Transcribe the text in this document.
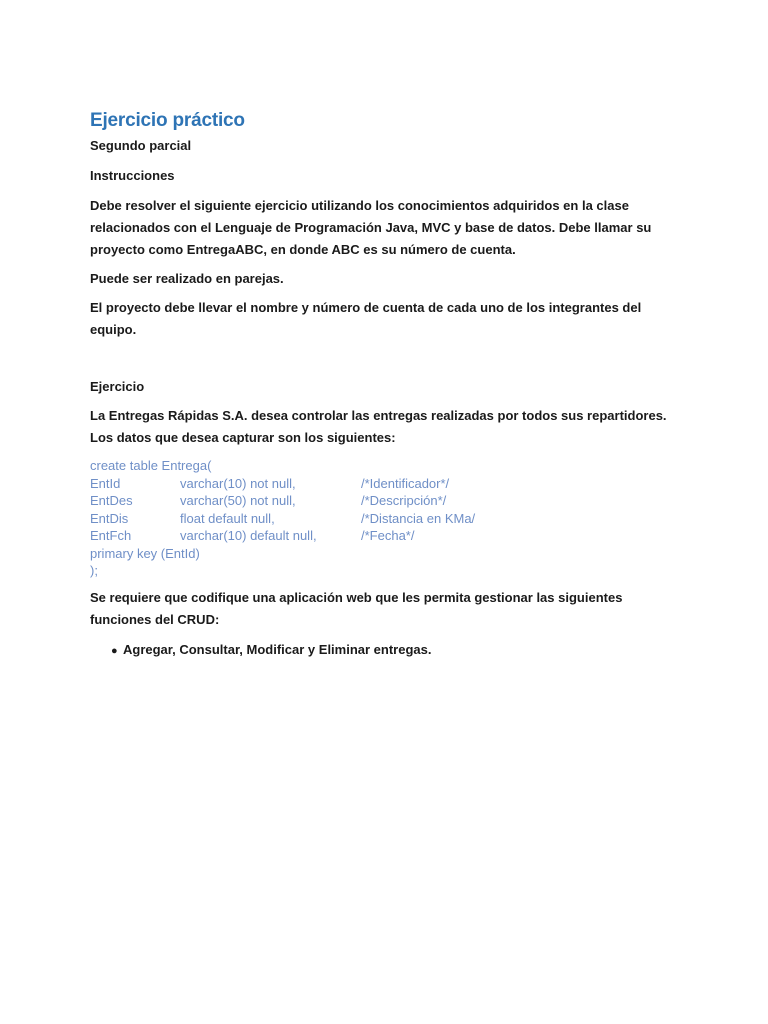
Ejercicio práctico
Segundo parcial
Instrucciones

Debe resolver el siguiente ejercicio utilizando los conocimientos adquiridos en la clase relacionados con el Lenguaje de Programación Java, MVC y base de datos. Debe llamar su proyecto como EntregaABC, en donde ABC es su número de cuenta.

Puede ser realizado en parejas.

El proyecto debe llevar el nombre y número de cuenta de cada uno de los integrantes del equipo.

Ejercicio

La Entregas Rápidas S.A. desea controlar las entregas realizadas por todos sus repartidores. Los datos que desea capturar son los siguientes:

create table Entrega(
EntId	varchar(10) not null,	/*Identificador*/
EntDes	varchar(50) not null,	/*Descripción*/
EntDis	float default null,	/*Distancia en KMa/
EntFch	varchar(10) default null,	/*Fecha*/
primary key (EntId)
);

Se requiere que codifique una aplicación web que les permita gestionar las siguientes funciones del CRUD:

● Agregar, Consultar, Modificar y Eliminar entregas.
